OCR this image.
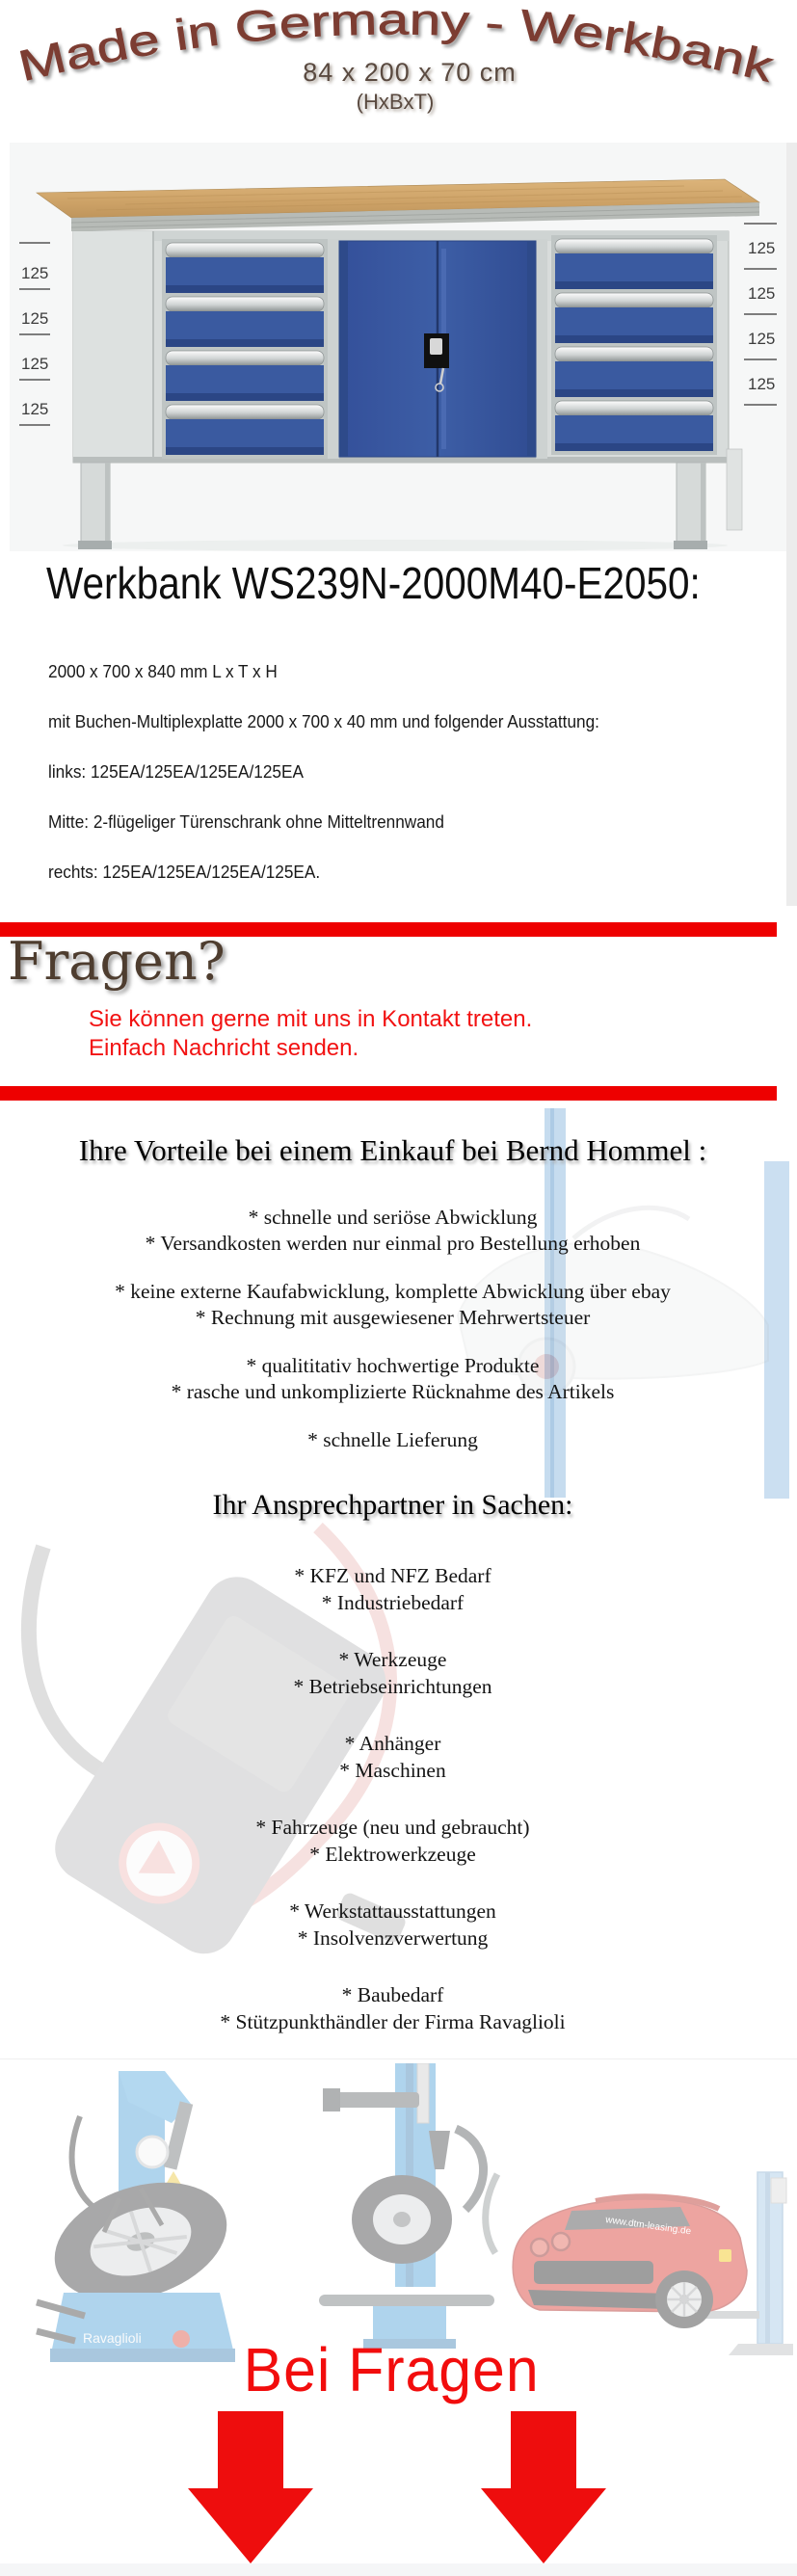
Made in Germany - Werkbank
84 x 200 x 70 cm
(HxBxT)
125
125
125
125
125
125
125
125
Werkbank WS239N-2000M40-E2050:
2000 x 700 x 840 mm L x T x H
mit Buchen-Multiplexplatte 2000 x 700 x 40 mm und folgender Ausstattung:
links: 125EA/125EA/125EA/125EA
Mitte: 2-flügeliger Türenschrank ohne Mitteltrennwand
rechts: 125EA/125EA/125EA/125EA.
Fragen?
Sie können gerne mit uns in Kontakt treten.
Einfach Nachricht senden.
Ihre Vorteile bei einem Einkauf bei Bernd Hommel :
* schnelle und seriöse Abwicklung
* Versandkosten werden nur einmal pro Bestellung erhoben
* keine externe Kaufabwicklung, komplette Abwicklung über ebay
* Rechnung mit ausgewiesener Mehrwertsteuer
* qualititativ hochwertige Produkte
* rasche und unkomplizierte Rücknahme des Artikels
* schnelle Lieferung
Ihr Ansprechpartner in Sachen:
* KFZ und NFZ Bedarf
* Industriebedarf
* Werkzeuge
* Betriebseinrichtungen
* Anhänger
* Maschinen
* Fahrzeuge (neu und gebraucht)
* Elektrowerkzeuge
* Werkstattausstattungen
* Insolvenzverwertung
* Baubedarf
* Stützpunkthändler der Firma Ravaglioli
Ravaglioli
www.dtm-leasing.de
Bei Fragen
